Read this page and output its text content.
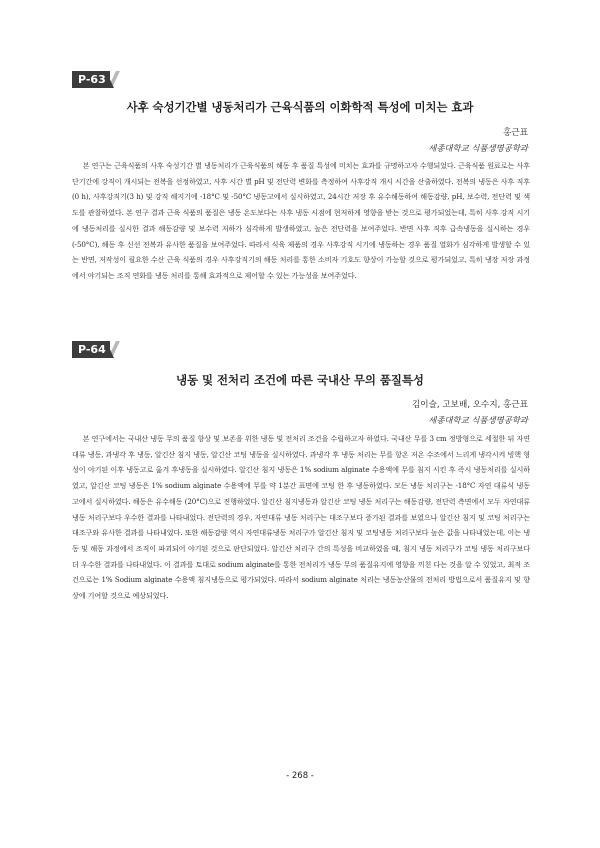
P-63
사후 숙성기간별 냉동처리가 근육식품의 이화학적 특성에 미치는 효과
홍근표
세종대학교 식품생명공학과
본 연구는 근육식품의 사후 숙성기간 별 냉동처리가 근육식품의 해동 후 품질 특성에 미치는 효과를 규명하고자 수행되었다. 근육식품 원료로는 사후 단기간에 강직이 개시되는 전복을 선정하였고, 사후 시간 별 pH 및 전단력 변화를 측정하여 사후강직 개시 시간을 산출하였다. 전복의 냉동은 사후 직후(0 h), 사후강직기(3 h) 및 강직 해지기에 -18°C 및 -50°C 냉동고에서 실시하였고, 24시간 저장 후 유수해동하여 해동감량, pH, 보수력, 전단력 및 색도를 관찰하였다. 본 연구 결과 근육 식품의 품질은 냉동 온도보다는 사후 냉동 시점에 현저하게 영향을 받는 것으로 평가되었는데, 특히 사후 강직 시기에 냉동처리를 실시한 결과 해동감량 및 보수력 저하가 심각하게 발생하였고, 높은 전단력을 보여주었다. 반면 사후 직후 급속냉동을 실시하는 경우(-50°C), 해동 후 신선 전복과 유사한 품질을 보여주었다. 따라서 식육 제품의 경우 사후강직 시기에 냉동하는 경우 품질 열화가 심각하게 발생할 수 있는 반면, 저작성이 필요한 수산 근육 식품의 경우 사후강직기의 해동 처리를 통한 소비자 기호도 향상이 가능할 것으로 평가되었고, 특히 냉장 저장 과정에서 야기되는 조직 연화를 냉동 처리를 통해 효과적으로 제어할 수 있는 가능성을 보여주었다.
P-64
냉동 및 전처리 조건에 따른 국내산 무의 품질특성
김이슬, 고보배, 오수지, 홍근표
세종대학교 식품생명공학과
본 연구에서는 국내산 냉동 무의 품질 향상 및 보존을 위한 냉동 및 전처리 조건을 수립하고자 하였다. 국내산 무를 3 cm 정방형으로 세절한 뒤 자연대류 냉동, 과냉각 후 냉동, 알긴산 침지 냉동, 알긴산 코팅 냉동을 실시하였다. 과냉각 후 냉동 처리는 무를 항온 저온 수조에서 느리게 냉각시켜 빙핵 형성이 야기된 이후 냉동고로 옮겨 후냉동을 실시하였다. 알긴산 침지 냉동은 1% sodium alginate 수용액에 무를 침지 시킨 후 즉시 냉동처리를 실시하였고, 알긴산 코팅 냉동은 1% sodium alginate 수용액에 무를 약 1분간 표면에 코팅 한 후 냉동하였다. 모든 냉동 처리구는 -18°C 자연 대류식 냉동고에서 실시하였다. 해동은 유수해동 (20°C)으로 진행하였다. 알긴산 침지냉동과 알긴산 코팅 냉동 처리구는 해동감량, 전단력 측면에서 모두 자연대류 냉동 처리구보다 우수한 결과를 나타내었다. 전단력의 경우, 자연대류 냉동 처리구는 대조구보다 증가된 결과를 보였으나 알긴산 침지 및 코팅 처리구는 대조구와 유사한 결과를 나타내었다. 또한 해동감량 역시 자연대류냉동 처리구가 알긴산 침지 및 코팅냉동 처리구보다 높은 값을 나타내었는데, 이는 냉동 및 해동 과정에서 조직이 파괴되어 야기된 것으로 판단되었다. 알긴산 처리구 간의 특성을 비교하였을 때, 침지 냉동 처리구가 코팅 냉동 처리구보다 더 우수한 결과를 나타내었다. 이 결과를 토대로 sodium alginate를 통한 전처리가 냉동 무의 품질유지에 영향을 끼친 다는 것을 알 수 있었고, 최적 조건으로는 1% Sodium alginate 수용액 침지냉동으로 평가되었다. 따라서 sodium alginate 처리는 냉동농산물의 전처리 방법으로서 품질유지 및 향상에 기여할 것으로 예상되었다.
- 268 -
